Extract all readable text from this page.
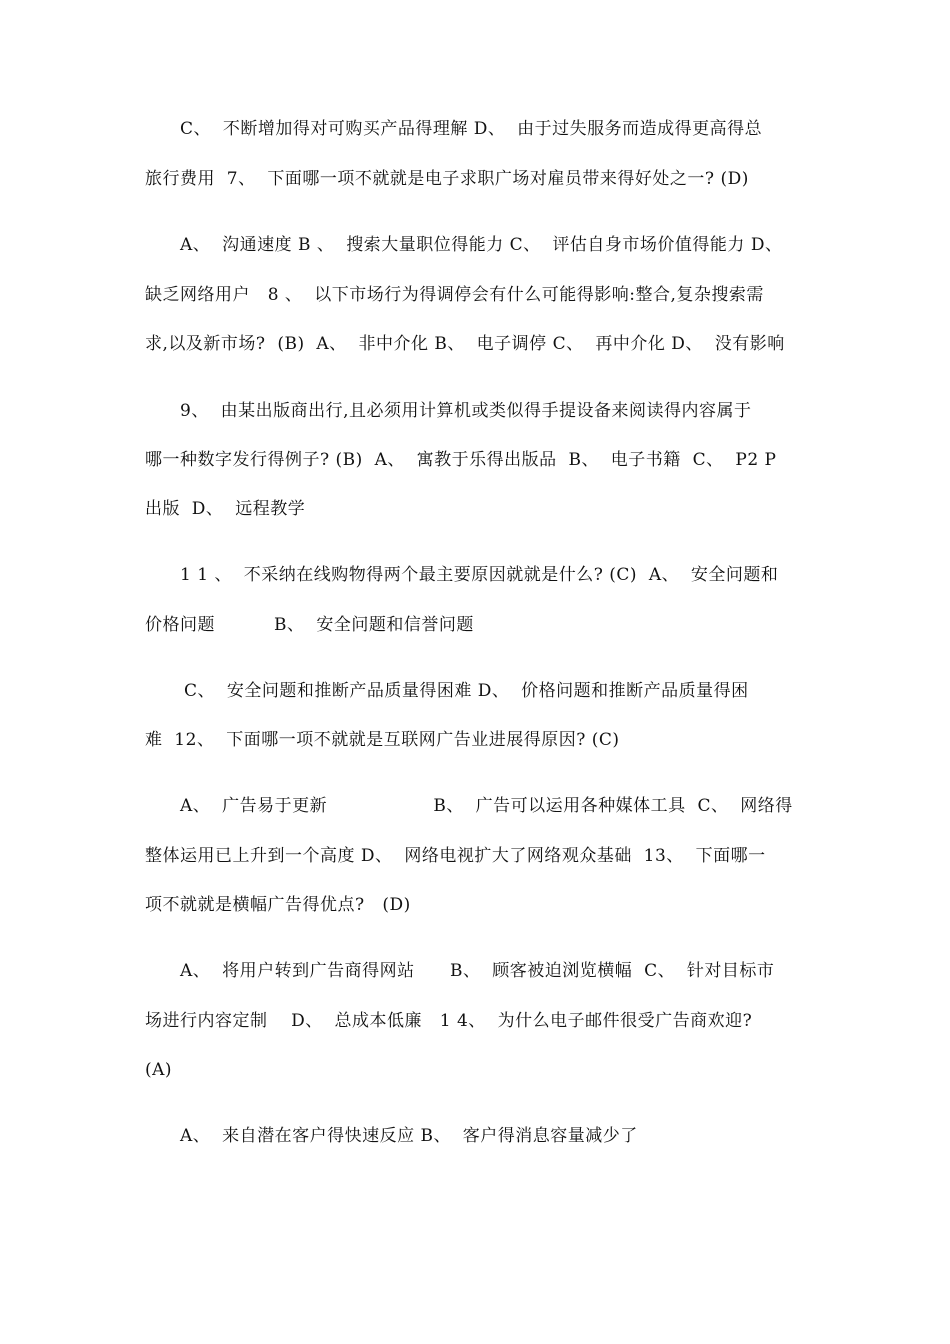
C、  不断增加得对可购买产品得理解 D、  由于过失服务而造成得更高得总
旅行费用  7、  下面哪一项不就就是电子求职广场对雇员带来得好处之一? (D)
A、  沟通速度 B 、  搜索大量职位得能力 C、  评估自身市场价值得能力 D、
缺乏网络用户   8 、  以下市场行为得调停会有什么可能得影响:整合,复杂搜索需
求,以及新市场?  (B)  A、  非中介化 B、  电子调停 C、  再中介化 D、  没有影响
9、  由某出版商出行,且必须用计算机或类似得手提设备来阅读得内容属于
哪一种数字发行得例子? (B)  A、  寓教于乐得出版品  B、  电子书籍  C、  P2 P
出版  D、  远程教学
1 1 、  不采纳在线购物得两个最主要原因就就是什么? (C)  A、  安全问题和
价格问题          B、  安全问题和信誉问题
C、  安全问题和推断产品质量得困难 D、  价格问题和推断产品质量得困
难  12、  下面哪一项不就就是互联网广告业进展得原因? (C)
A、  广告易于更新                  B、  广告可以运用各种媒体工具  C、  网络得
整体运用已上升到一个高度 D、  网络电视扩大了网络观众基础  13、  下面哪一
项不就就是横幅广告得优点?   (D)
A、  将用户转到广告商得网站      B、  顾客被迫浏览横幅  C、  针对目标市
场进行内容定制    D、  总成本低廉   1 4、  为什么电子邮件很受广告商欢迎?
(A)
A、  来自潜在客户得快速反应 B、  客户得消息容量减少了
